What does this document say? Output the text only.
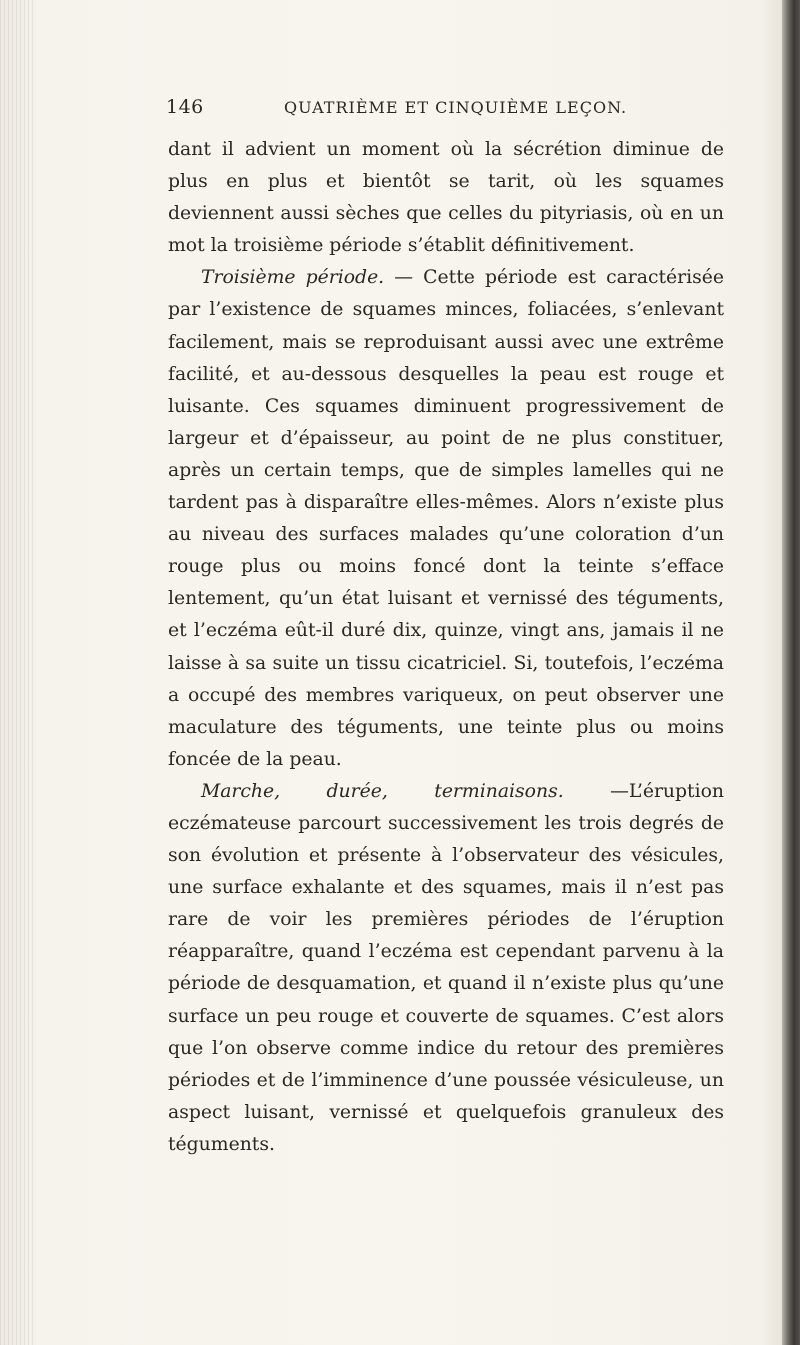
146	QUATRIÈME ET CINQUIÈME LEÇON.

dant il advient un moment où la sécrétion diminue de plus en plus et bientôt se tarit, où les squames deviennent aussi sèches que celles du pityriasis, où en un mot la troisième période s’établit définitivement.

Troisième période. — Cette période est caractérisée par l’existence de squames minces, foliacées, s’enlevant facilement, mais se reproduisant aussi avec une extrême facilité, et au-dessous desquelles la peau est rouge et luisante. Ces squames diminuent progressivement de largeur et d’épaisseur, au point de ne plus constituer, après un certain temps, que de simples lamelles qui ne tardent pas à disparaître elles-mêmes. Alors n’existe plus au niveau des surfaces malades qu’une coloration d’un rouge plus ou moins foncé dont la teinte s’efface lentement, qu’un état luisant et vernissé des téguments, et l’eczéma eût-il duré dix, quinze, vingt ans, jamais il ne laisse à sa suite un tissu cicatriciel. Si, toutefois, l’eczéma a occupé des membres variqueux, on peut observer une maculature des téguments, une teinte plus ou moins foncée de la peau.

Marche, durée, terminaisons. —L’éruption eczémateuse parcourt successivement les trois degrés de son évolution et présente à l’observateur des vésicules, une surface exhalante et des squames, mais il n’est pas rare de voir les premières périodes de l’éruption réapparaître, quand l’eczéma est cependant parvenu à la période de desquamation, et quand il n’existe plus qu’une surface un peu rouge et couverte de squames. C’est alors que l’on observe comme indice du retour des premières périodes et de l’imminence d’une poussée vésiculeuse, un aspect luisant, vernissé et quelquefois granuleux des téguments.
